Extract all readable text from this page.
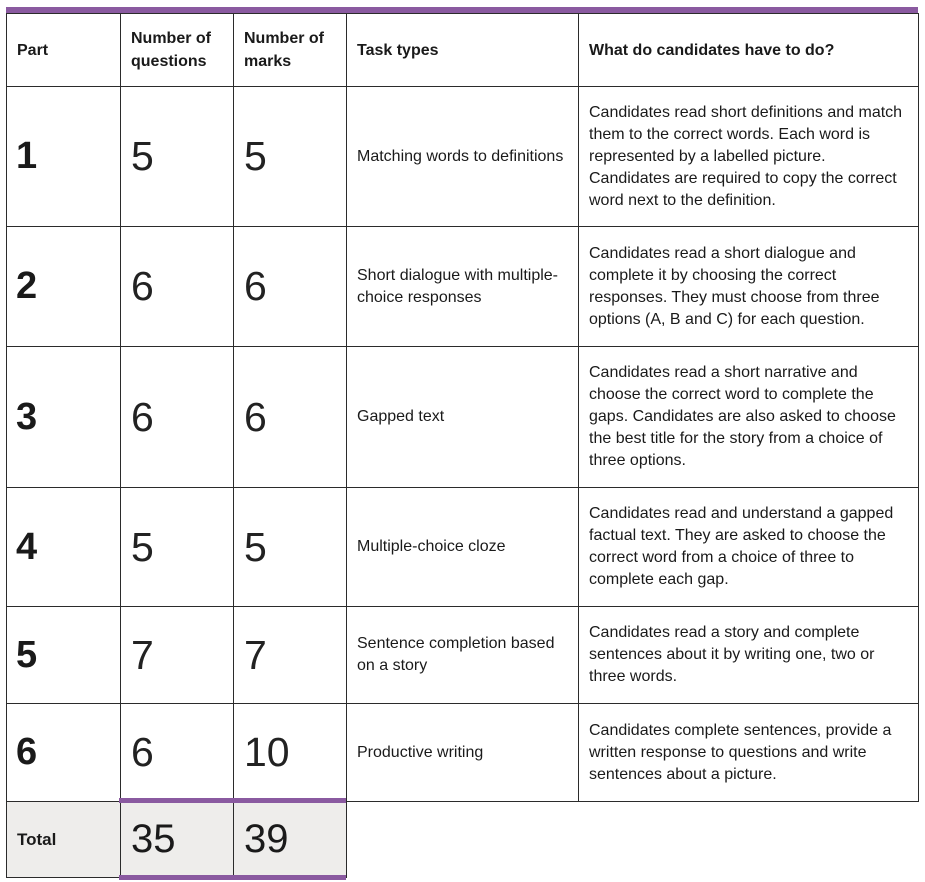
Part	Number of questions	Number of marks	Task types	What do candidates have to do?
1	5	5	Matching words to definitions	Candidates read short definitions and match them to the correct words. Each word is represented by a labelled picture. Candidates are required to copy the correct word next to the definition.
2	6	6	Short dialogue with multiple-choice responses	Candidates read a short dialogue and complete it by choosing the correct responses. They must choose from three options (A, B and C) for each question.
3	6	6	Gapped text	Candidates read a short narrative and choose the correct word to complete the gaps. Candidates are also asked to choose the best title for the story from a choice of three options.
4	5	5	Multiple-choice cloze	Candidates read and understand a gapped factual text. They are asked to choose the correct word from a choice of three to complete each gap.
5	7	7	Sentence completion based on a story	Candidates read a story and complete sentences about it by writing one, two or three words.
6	6	10	Productive writing	Candidates complete sentences, provide a written response to questions and write sentences about a picture.
Total	35	39		
